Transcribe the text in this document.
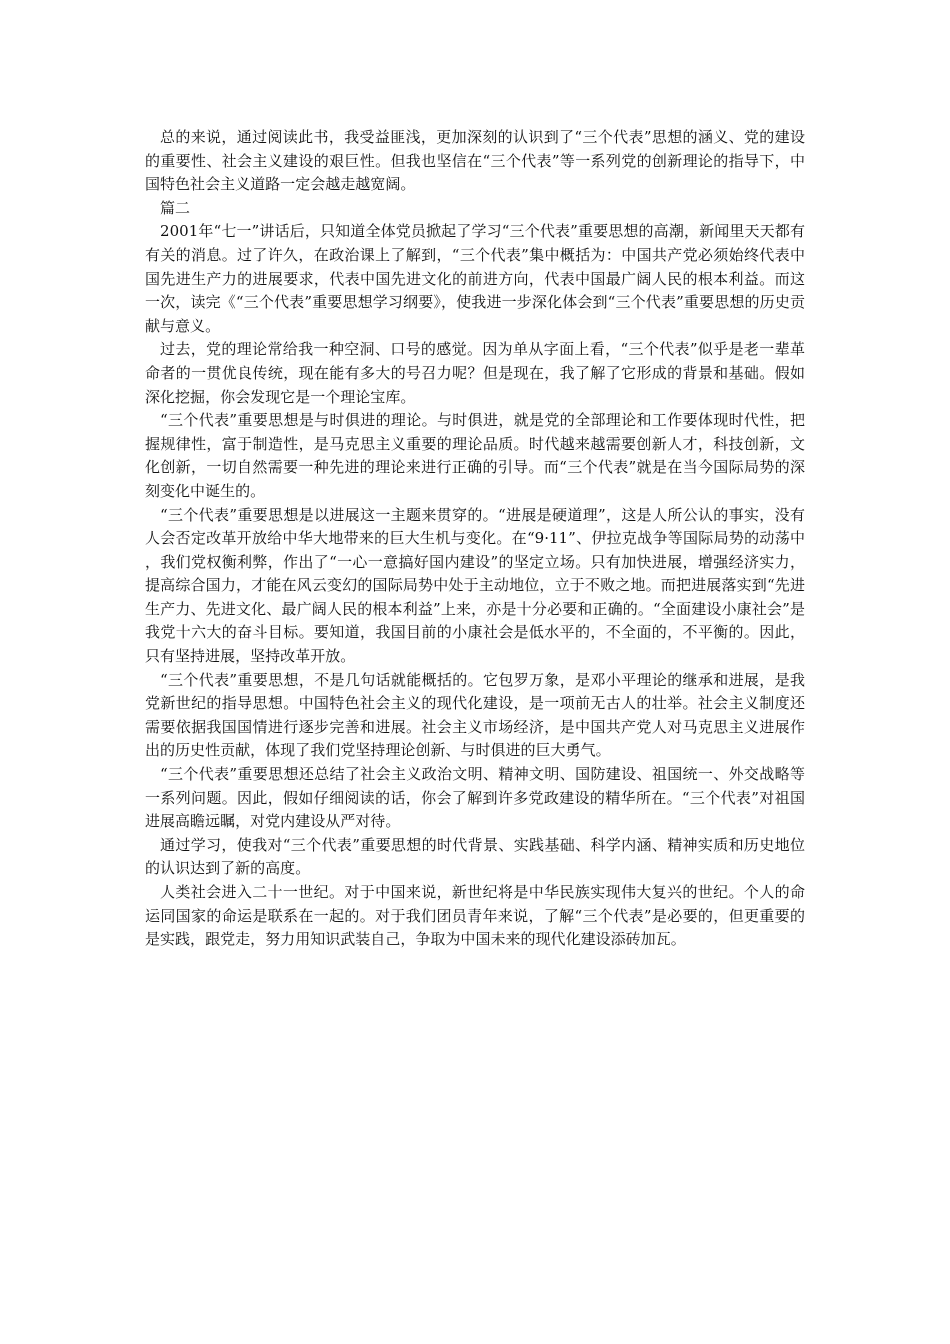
总的来说，通过阅读此书，我受益匪浅，更加深刻的认识到了“三个代表”思想的涵义、党的建设的重要性、社会主义建设的艰巨性。但我也坚信在“三个代表”等一系列党的创新理论的指导下，中国特色社会主义道路一定会越走越宽阔。

篇二

2001年“七一”讲话后，只知道全体党员掀起了学习“三个代表”重要思想的高潮，新闻里天天都有有关的消息。过了许久，在政治课上了解到，“三个代表”集中概括为：中国共产党必须始终代表中国先进生产力的进展要求，代表中国先进文化的前进方向，代表中国最广阔人民的根本利益。而这一次，读完《“三个代表”重要思想学习纲要》，使我进一步深化体会到“三个代表”重要思想的历史贡献与意义。

过去，党的理论常给我一种空洞、口号的感觉。因为单从字面上看，“三个代表”似乎是老一辈革命者的一贯优良传统，现在能有多大的号召力呢？但是现在，我了解了它形成的背景和基础。假如深化挖掘，你会发现它是一个理论宝库。

“三个代表”重要思想是与时俱进的理论。与时俱进，就是党的全部理论和工作要体现时代性，把握规律性，富于制造性，是马克思主义重要的理论品质。时代越来越需要创新人才，科技创新，文化创新，一切自然需要一种先进的理论来进行正确的引导。而“三个代表”就是在当今国际局势的深刻变化中诞生的。

“三个代表”重要思想是以进展这一主题来贯穿的。“进展是硬道理”，这是人所公认的事实，没有人会否定改革开放给中华大地带来的巨大生机与变化。在“9·11”、伊拉克战争等国际局势的动荡中，我们党权衡利弊，作出了“一心一意搞好国内建设”的坚定立场。只有加快进展，增强经济实力，提高综合国力，才能在风云变幻的国际局势中处于主动地位，立于不败之地。而把进展落实到“先进生产力、先进文化、最广阔人民的根本利益”上来，亦是十分必要和正确的。“全面建设小康社会”是我党十六大的奋斗目标。要知道，我国目前的小康社会是低水平的，不全面的，不平衡的。因此，只有坚持进展，坚持改革开放。

“三个代表”重要思想，不是几句话就能概括的。它包罗万象，是邓小平理论的继承和进展，是我党新世纪的指导思想。中国特色社会主义的现代化建设，是一项前无古人的壮举。社会主义制度还需要依据我国国情进行逐步完善和进展。社会主义市场经济，是中国共产党人对马克思主义进展作出的历史性贡献，体现了我们党坚持理论创新、与时俱进的巨大勇气。

“三个代表”重要思想还总结了社会主义政治文明、精神文明、国防建设、祖国统一、外交战略等一系列问题。因此，假如仔细阅读的话，你会了解到许多党政建设的精华所在。“三个代表”对祖国进展高瞻远瞩，对党内建设从严对待。

通过学习，使我对“三个代表”重要思想的时代背景、实践基础、科学内涵、精神实质和历史地位的认识达到了新的高度。

人类社会进入二十一世纪。对于中国来说，新世纪将是中华民族实现伟大复兴的世纪。个人的命运同国家的命运是联系在一起的。对于我们团员青年来说，了解“三个代表”是必要的，但更重要的是实践，跟党走，努力用知识武装自己，争取为中国未来的现代化建设添砖加瓦。
